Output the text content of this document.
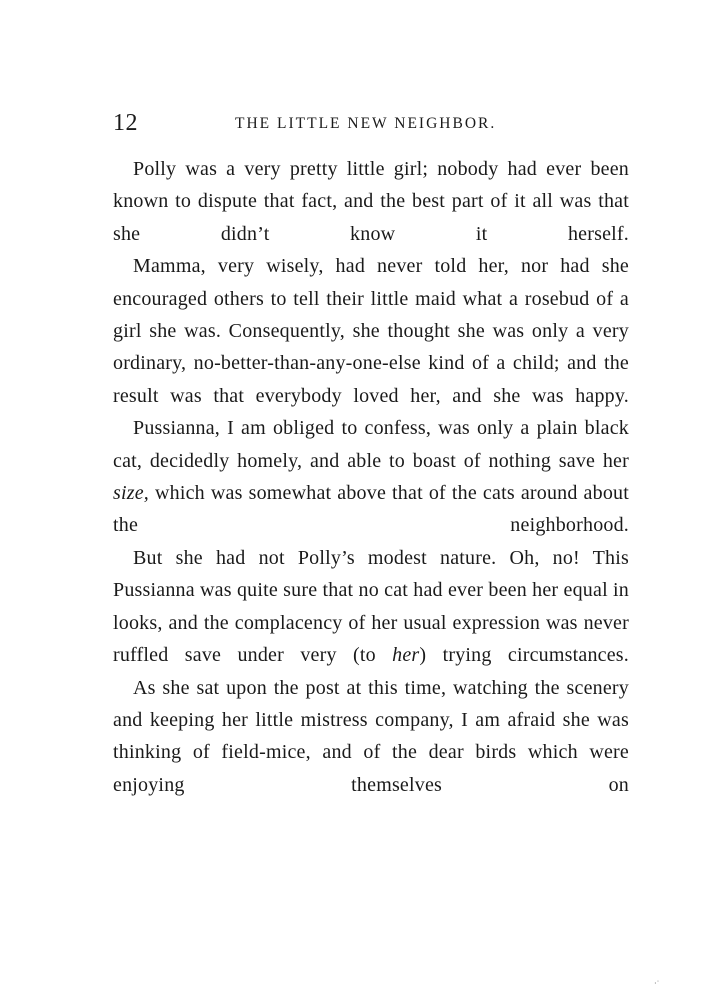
12	THE LITTLE NEW NEIGHBOR.

Polly was a very pretty little girl; nobody had ever been known to dispute that fact, and the best part of it all was that she didn’t know it herself.

Mamma, very wisely, had never told her, nor had she encouraged others to tell their little maid what a rosebud of a girl she was. Consequently, she thought she was only a very ordinary, no-better-than-any-one-else kind of a child; and the result was that everybody loved her, and she was happy.

Pussianna, I am obliged to confess, was only a plain black cat, decidedly homely, and able to boast of nothing save her size, which was somewhat above that of the cats around about the neighborhood.

But she had not Polly’s modest nature. Oh, no! This Pussianna was quite sure that no cat had ever been her equal in looks, and the complacency of her usual expression was never ruffled save under very (to her) trying circumstances.

As she sat upon the post at this time, watching the scenery and keeping her little mistress company, I am afraid she was thinking of field-mice, and of the dear birds which were enjoying themselves on

·˙
